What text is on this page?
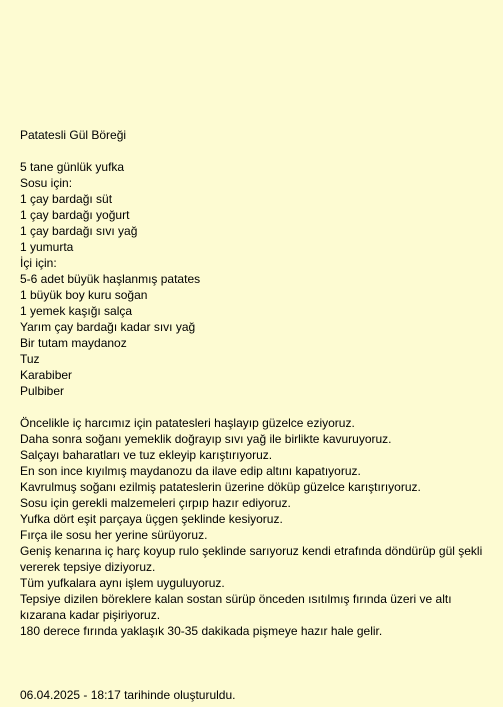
Patatesli Gül Böreği
5 tane günlük yufka
Sosu için:
1 çay bardağı süt
1 çay bardağı yoğurt
1 çay bardağı sıvı yağ
1 yumurta
İçi için:
5-6 adet büyük haşlanmış patates
1 büyük boy kuru soğan
1 yemek kaşığı salça
Yarım çay bardağı kadar sıvı yağ
Bir tutam maydanoz
Tuz
Karabiber
Pulbiber
Öncelikle iç harcımız için patatesleri haşlayıp güzelce eziyoruz.
Daha sonra soğanı yemeklik doğrayıp sıvı yağ ile birlikte kavuruyoruz.
Salçayı baharatları ve tuz ekleyip karıştırıyoruz.
En son ince kıyılmış maydanozu da ilave edip altını kapatıyoruz.
Kavrulmuş soğanı ezilmiş patateslerin üzerine döküp güzelce karıştırıyoruz.
Sosu için gerekli malzemeleri çırpıp hazır ediyoruz.
Yufka dört eşit parçaya üçgen şeklinde kesiyoruz.
Fırça ile sosu her yerine sürüyoruz.
Geniş kenarına iç harç koyup rulo şeklinde sarıyoruz kendi etrafında döndürüp gül şekli vererek tepsiye diziyoruz.
Tüm yufkalara aynı işlem uyguluyoruz.
Tepsiye dizilen böreklere kalan sostan sürüp önceden ısıtılmış fırında üzeri ve altı kızarana kadar pişiriyoruz.
180 derece fırında yaklaşık 30-35 dakikada pişmeye hazır hale gelir.
06.04.2025 - 18:17 tarihinde oluşturuldu.
